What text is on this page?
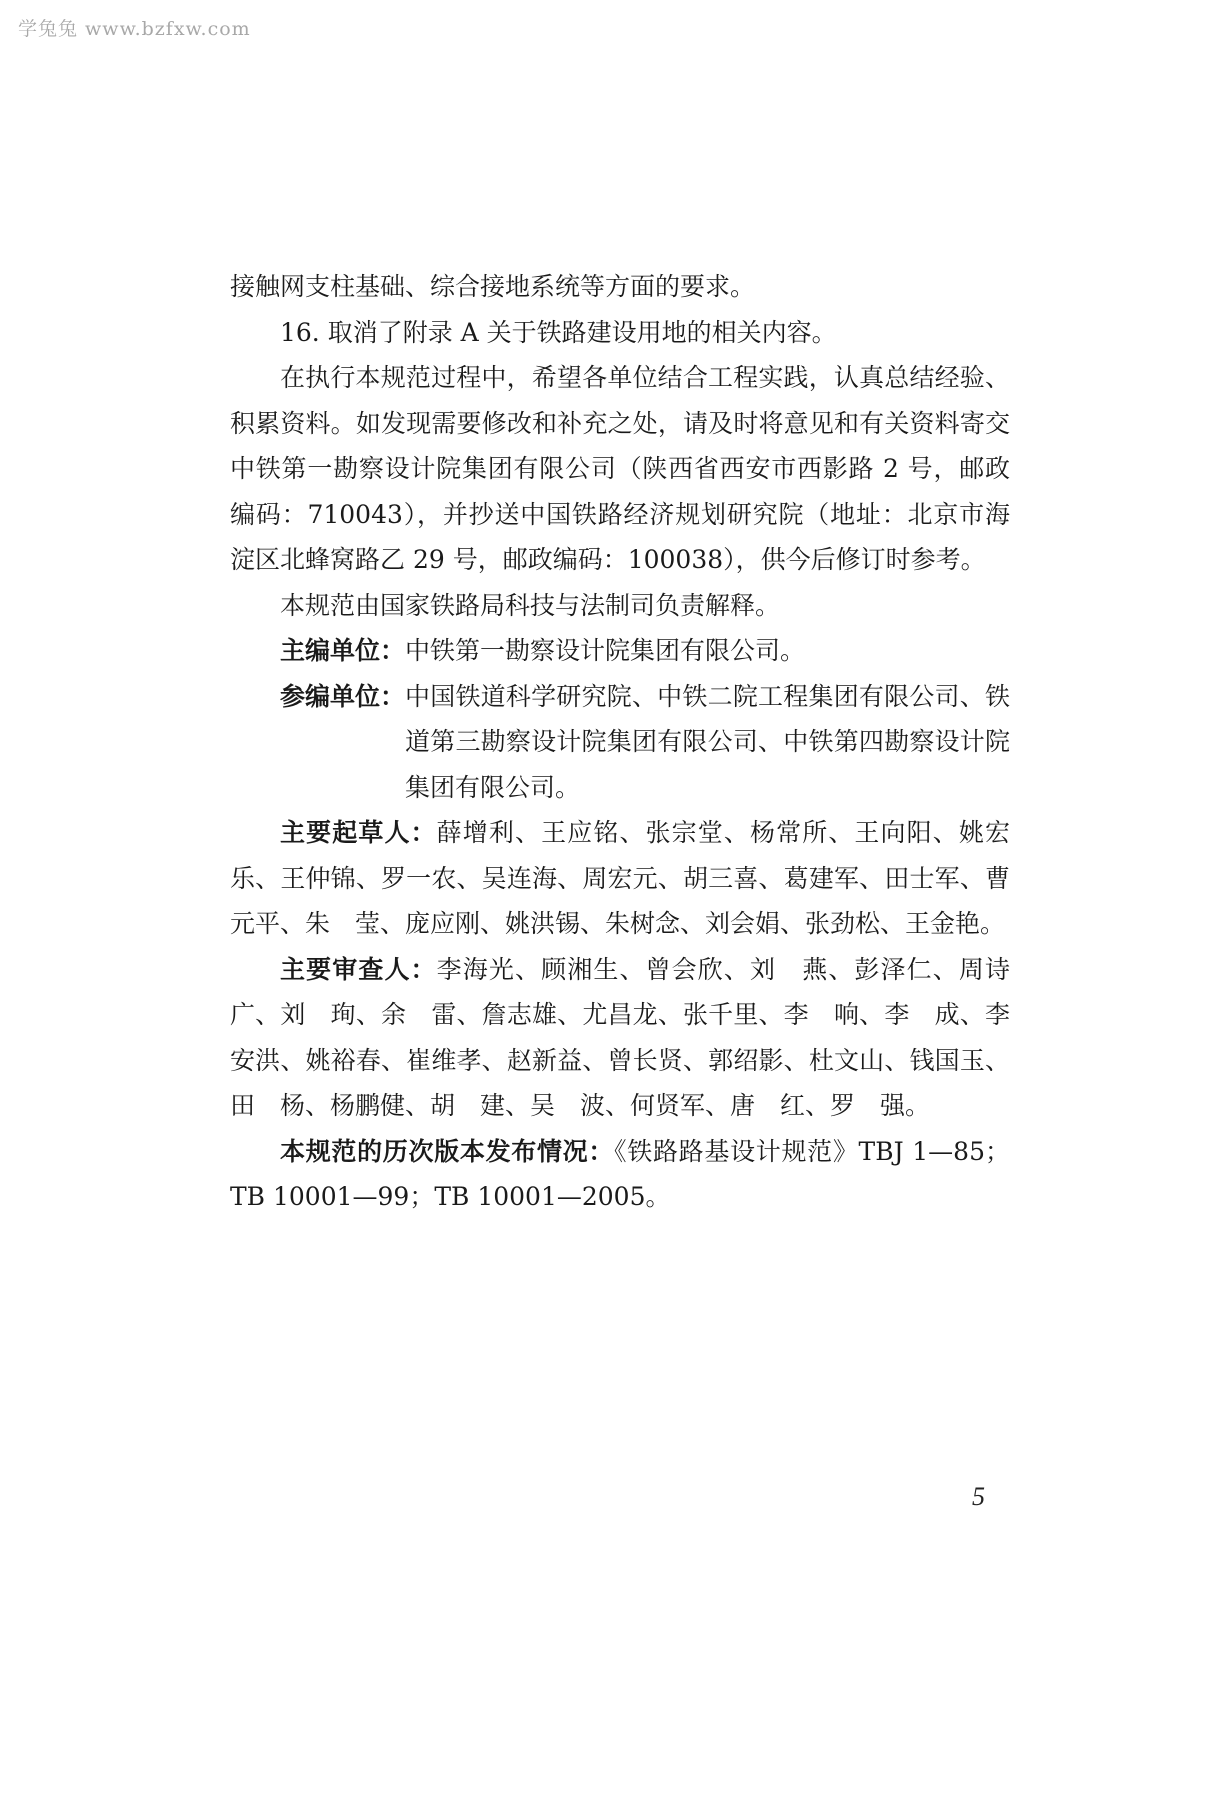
学兔兔 www.bzfxw.com

接触网支柱基础、综合接地系统等方面的要求。

16. 取消了附录 A 关于铁路建设用地的相关内容。

在执行本规范过程中，希望各单位结合工程实践，认真总结经验、积累资料。如发现需要修改和补充之处，请及时将意见和有关资料寄交中铁第一勘察设计院集团有限公司（陕西省西安市西影路 2 号，邮政编码：710043），并抄送中国铁路经济规划研究院（地址：北京市海淀区北蜂窝路乙 29 号，邮政编码：100038），供今后修订时参考。

本规范由国家铁路局科技与法制司负责解释。

主编单位： 中铁第一勘察设计院集团有限公司。
参编单位： 中国铁道科学研究院、中铁二院工程集团有限公司、铁道第三勘察设计院集团有限公司、中铁第四勘察设计院集团有限公司。

主要起草人：薛增利、王应铭、张宗堂、杨常所、王向阳、姚宏乐、王仲锦、罗一农、吴连海、周宏元、胡三喜、葛建军、田士军、曹元平、朱　莹、庞应刚、姚洪锡、朱树念、刘会娟、张劲松、王金艳。

主要审查人：李海光、顾湘生、曾会欣、刘　燕、彭泽仁、周诗广、刘　珣、余　雷、詹志雄、尤昌龙、张千里、李　响、李　成、李安洪、姚裕春、崔维孝、赵新益、曾长贤、郭绍影、杜文山、钱国玉、田　杨、杨鹏健、胡　建、吴　波、何贤军、唐　红、罗　强。

本规范的历次版本发布情况：《铁路路基设计规范》TBJ 1—85；TB 10001—99；TB 10001—2005。

5
